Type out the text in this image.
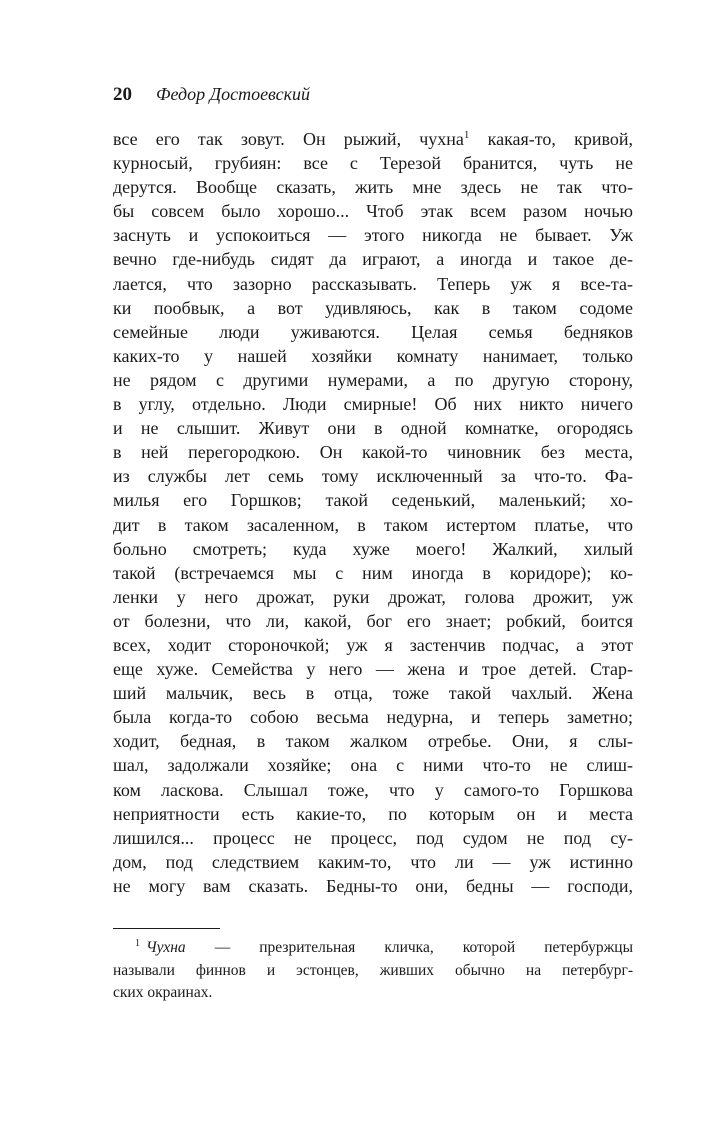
20 Федор Достоевский
все его так зовут. Он рыжий, чухна$^1$ какая-то, кривой,
курносый, грубиян: все с Терезой бранится, чуть не
дерутся. Вообще сказать, жить мне здесь не так что-
бы совсем было хорошо... Чтоб этак всем разом ночью
заснуть и успокоиться — этого никогда не бывает. Уж
вечно где-нибудь сидят да играют, а иногда и такое де-
лается, что зазорно рассказывать. Теперь уж я все-та-
ки пообвык, а вот удивляюсь, как в таком содоме
семейные люди уживаются. Целая семья бедняков
каких-то у нашей хозяйки комнату нанимает, только
не рядом с другими нумерами, а по другую сторону,
в углу, отдельно. Люди смирные! Об них никто ничего
и не слышит. Живут они в одной комнатке, огородясь
в ней перегородкою. Он какой-то чиновник без места,
из службы лет семь тому исключенный за что-то. Фа-
милья его Горшков; такой седенький, маленький; хо-
дит в таком засаленном, в таком истертом платье, что
больно смотреть; куда хуже моего! Жалкий, хилый
такой (встречаемся мы с ним иногда в коридоре); ко-
ленки у него дрожат, руки дрожат, голова дрожит, уж
от болезни, что ли, какой, бог его знает; робкий, боится
всех, ходит стороночкой; уж я застенчив подчас, а этот
еще хуже. Семейства у него — жена и трое детей. Стар-
ший мальчик, весь в отца, тоже такой чахлый. Жена
была когда-то собою весьма недурна, и теперь заметно;
ходит, бедная, в таком жалком отребье. Они, я слы-
шал, задолжали хозяйке; она с ними что-то не слиш-
ком ласкова. Слышал тоже, что у самого-то Горшкова
неприятности есть какие-то, по которым он и места
лишился... процесс не процесс, под судом не под су-
дом, под следствием каким-то, что ли — уж истинно
не могу вам сказать. Бедны-то они, бедны — господи,
$^1$ Чухна — презрительная кличка, которой петербуржцы
называли финнов и эстонцев, живших обычно на петербург-
ских окраинах.
